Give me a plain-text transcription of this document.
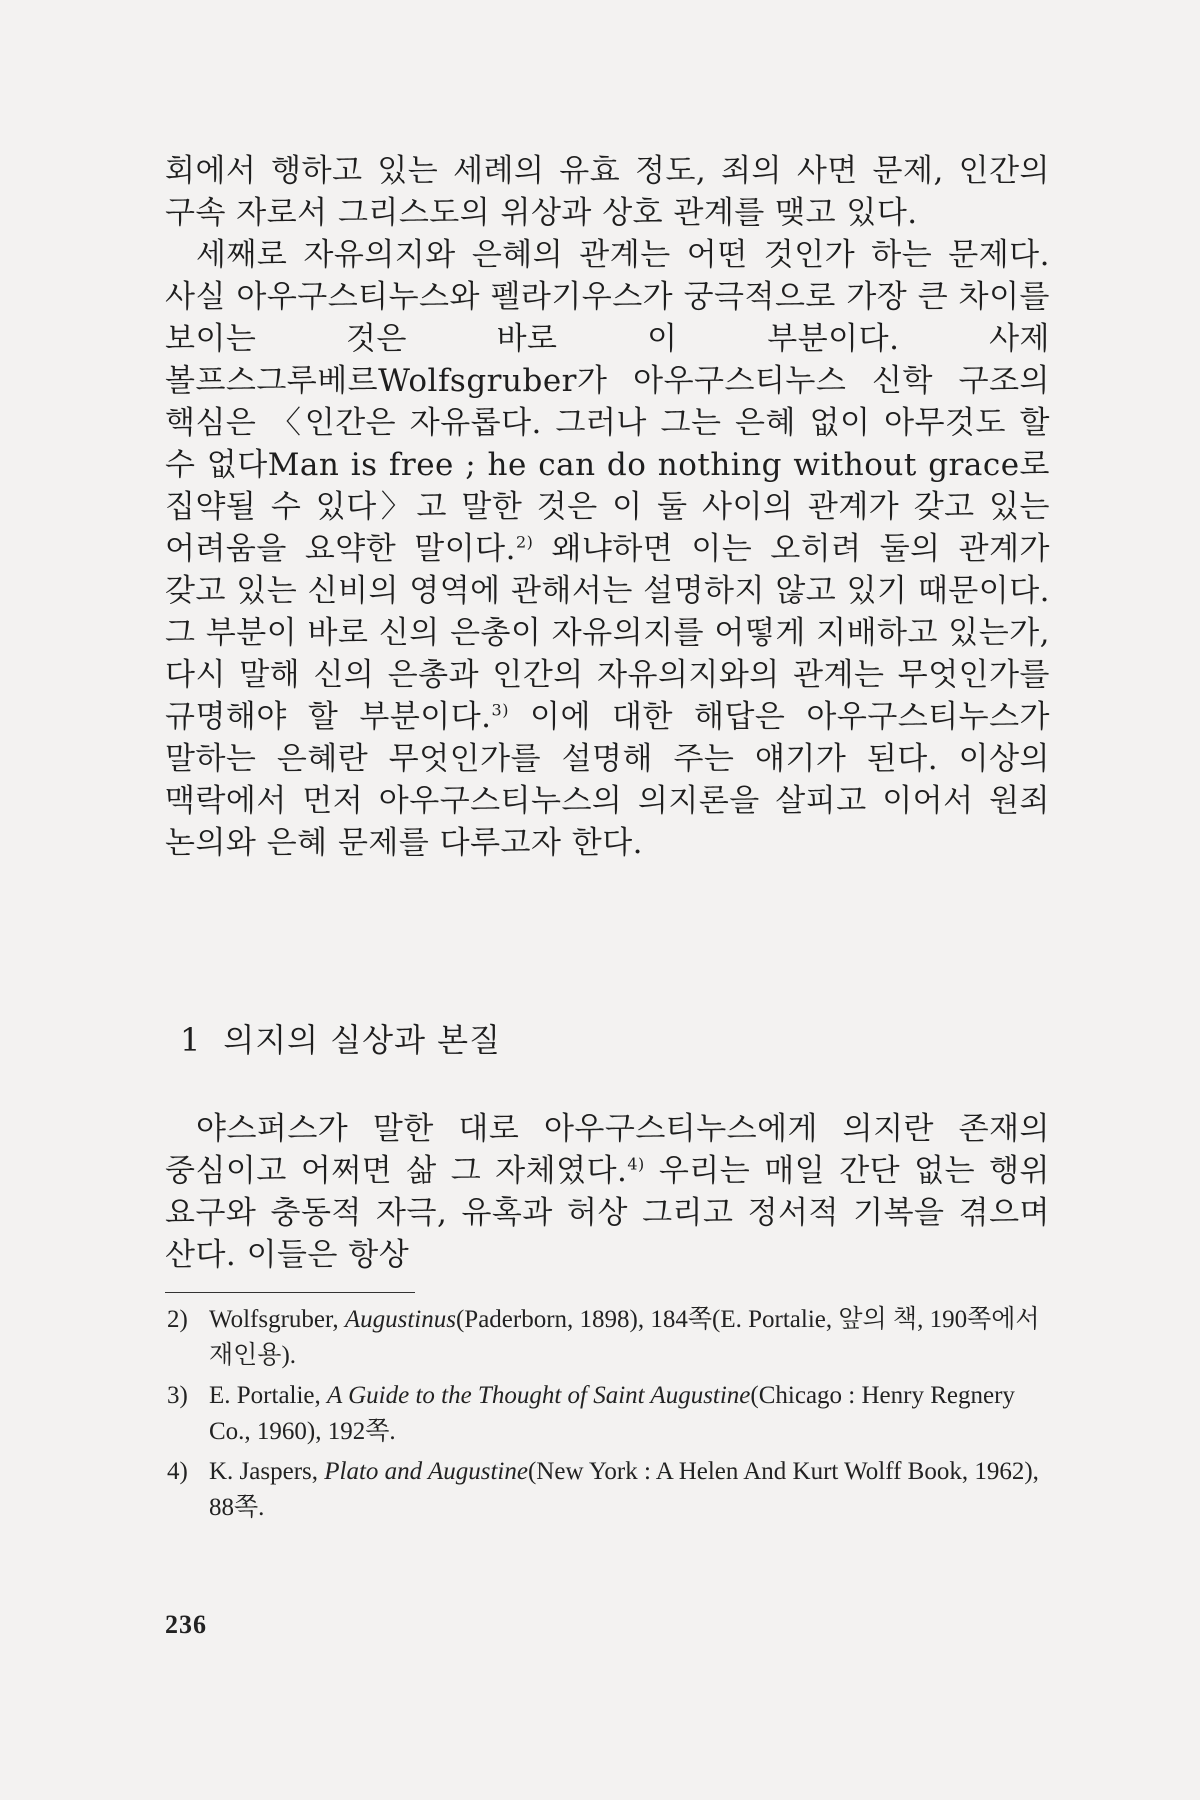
회에서 행하고 있는 세례의 유효 정도, 죄의 사면 문제, 인간의 구속 자로서 그리스도의 위상과 상호 관계를 맺고 있다.

세째로 자유의지와 은혜의 관계는 어떤 것인가 하는 문제다. 사실 아우구스티누스와 펠라기우스가 궁극적으로 가장 큰 차이를 보이는 것은 바로 이 부분이다. 사제 볼프스그루베르Wolfsgruber가 아우구스티누스 신학 구조의 핵심은 〈인간은 자유롭다. 그러나 그는 은혜 없이 아무것도 할 수 없다Man is free ; he can do nothing without grace로 집약될 수 있다〉고 말한 것은 이 둘 사이의 관계가 갖고 있는 어려움을 요약한 말이다.$^{2)}$ 왜냐하면 이는 오히려 둘의 관계가 갖고 있는 신비의 영역에 관해서는 설명하지 않고 있기 때문이다. 그 부분이 바로 신의 은총이 자유의지를 어떻게 지배하고 있는가, 다시 말해 신의 은총과 인간의 자유의지와의 관계는 무엇인가를 규명해야 할 부분이다.$^{3)}$ 이에 대한 해답은 아우구스티누스가 말하는 은혜란 무엇인가를 설명해 주는 얘기가 된다. 이상의 맥락에서 먼저 아우구스티누스의 의지론을 살피고 이어서 원죄 논의와 은혜 문제를 다루고자 한다.

1 의지의 실상과 본질

야스퍼스가 말한 대로 아우구스티누스에게 의지란 존재의 중심이고 어쩌면 삶 그 자체였다.$^{4)}$ 우리는 매일 간단 없는 행위 요구와 충동적 자극, 유혹과 허상 그리고 정서적 기복을 겪으며 산다. 이들은 항상

2) Wolfsgruber, Augustinus(Paderborn, 1898), 184쪽(E. Portalie, 앞의 책, 190쪽에서 재인용).
3) E. Portalie, A Guide to the Thought of Saint Augustine(Chicago : Henry Regnery Co., 1960), 192쪽.
4) K. Jaspers, Plato and Augustine(New York : A Helen And Kurt Wolff Book, 1962), 88쪽.
236
